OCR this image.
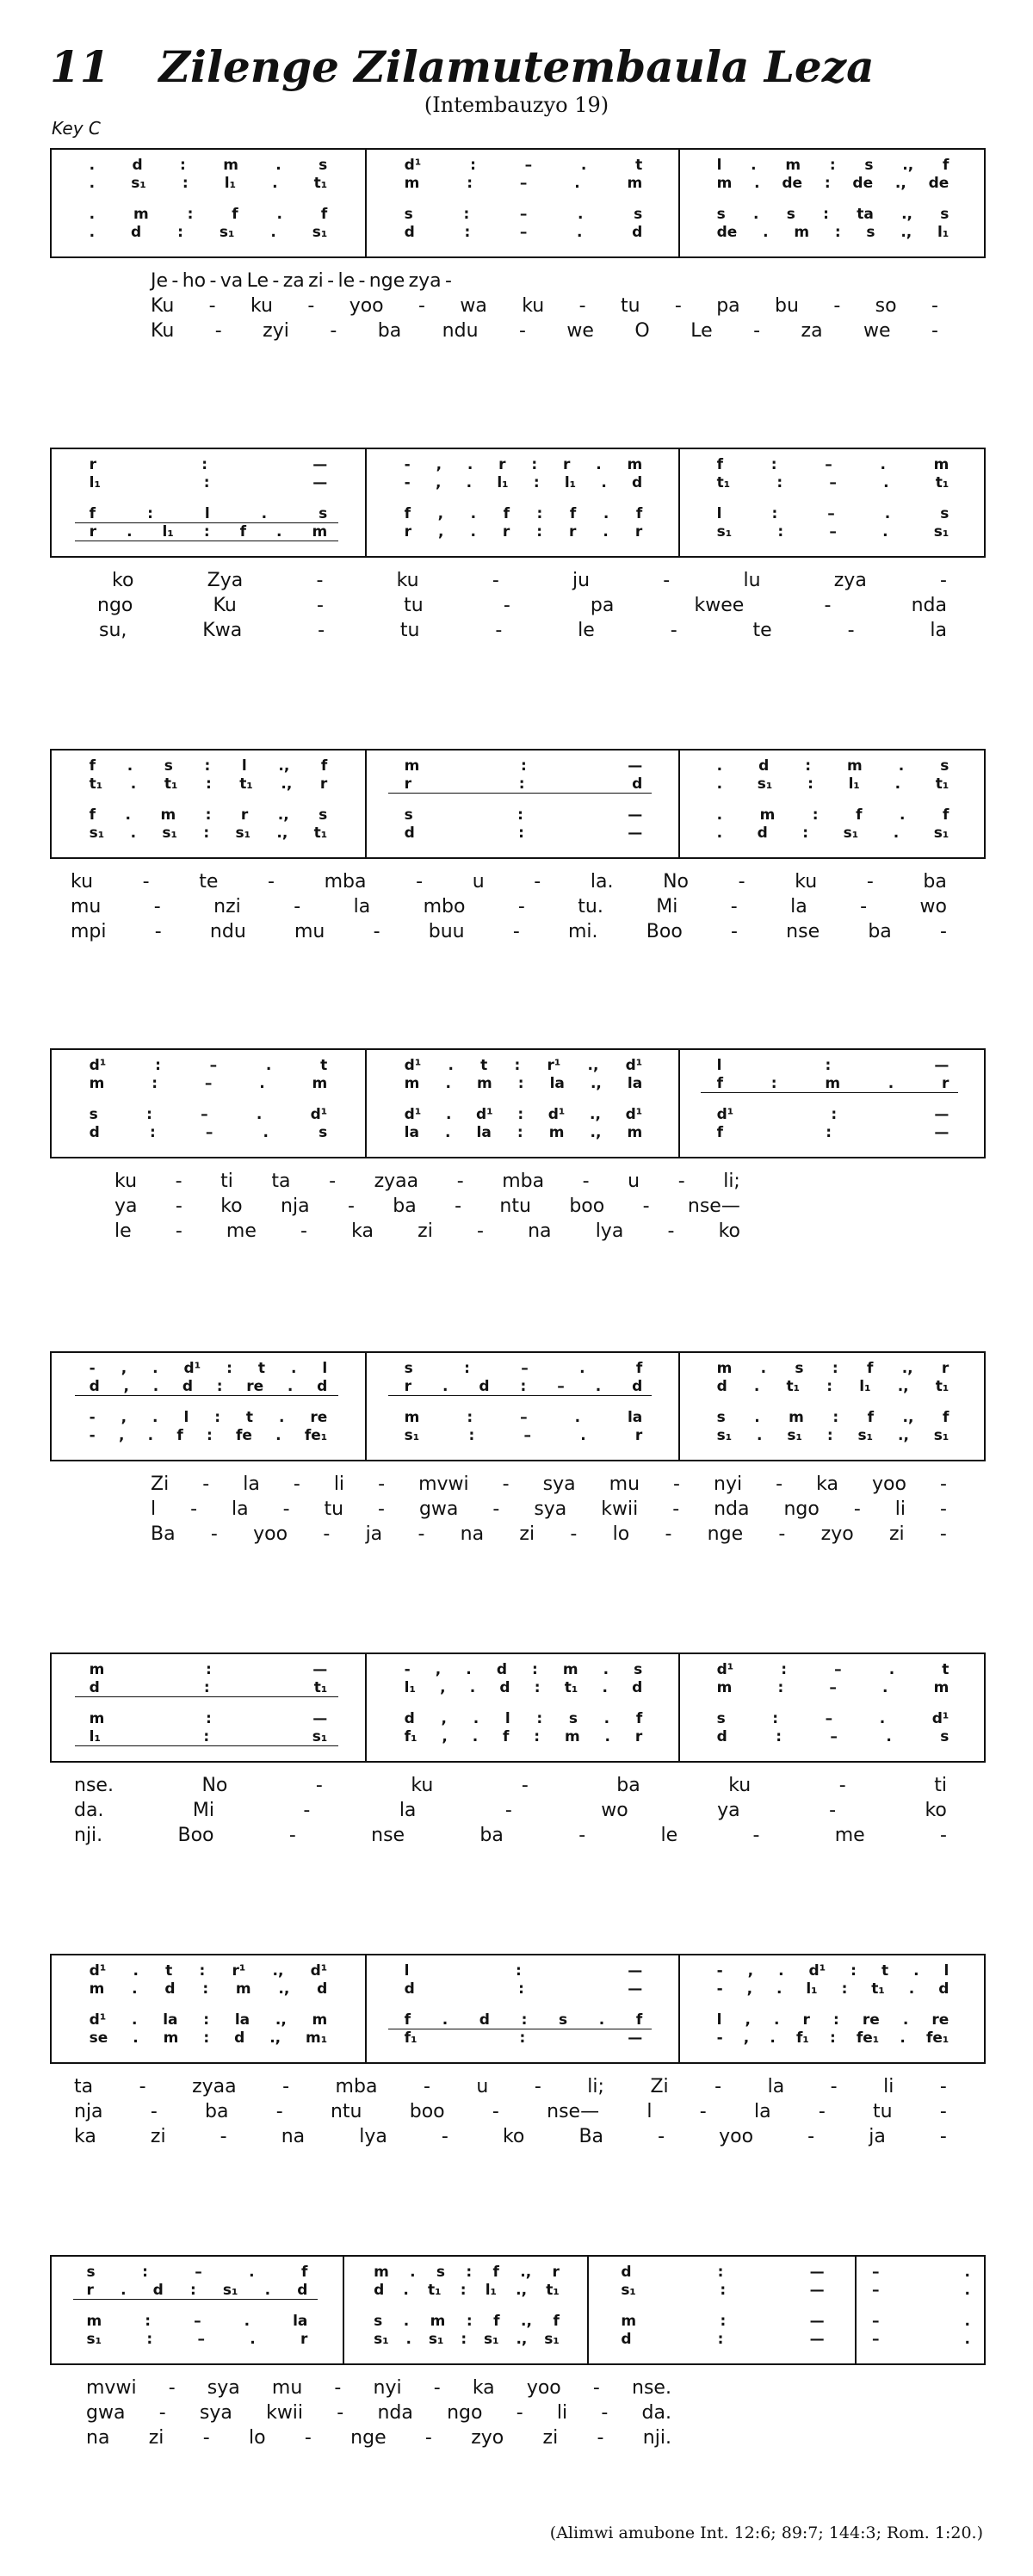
11	Zilenge Zilamutembaula Leza
(Intembauzyo 19)
Key C
.	d	:	m	.	s
. s₁ : l₁ . t₁
.	m	:	f	.	f
. d : s₁ . s₁
d¹	:	–	.	t
m	:	–	.	m
s	:	–	.	s
d	:	–	.	d
l . m : s ., f
m . de : de ., de
s . s : ta ., s
de . m : s ., l₁
Je - ho - va Le - za zi - le - nge zya -
Ku - ku - yoo - wa ku - tu - pa bu - so -
Ku - zyi - ba ndu - we O Le - za we -
r	:	—
l₁	:	—
f	:	l	.	s
r . l₁ : f . m
- , . r : r . m
- , . l₁ : l₁ . d
f , . f : f . f
r , . r : r . r
f	:	–	.	m
t₁	:	–	.	t₁
l	:	–	.	s
s₁	:	–	.	s₁
ko	Zya	-	ku	-	ju	-	lu	zya	-
ngo	Ku	-	tu	-	pa	kwee	-	nda
su,	Kwa	-	tu	-	le	-	te	-	la
f . s : l ., f
t₁ . t₁ : t₁ ., r
f . m : r ., s
s₁ . s₁ : s₁ ., t₁
m	:	—
r	:	d
s	:	—
d	:	—
. d : m . s
. s₁ : l₁ . t₁
.	m	:	f	.	f
. d : s₁ . s₁
ku	-	te	-	mba	-	u	-	la.	No	-	ku	-	ba
mu	-	nzi	-	la	mbo	-	tu.	Mi	-	la	-	wo
mpi	-	ndu	mu	-	buu	-	mi.	Boo	-	nse	ba	-
d¹	:	–	.	t
m	:	–	.	m
s	:	–	.	d¹
d	:	–	.	s
d¹ . t : r¹ ., d¹
m . m : la ., la
d¹ . d¹ : d¹ ., d¹
la . la : m ., m
l	:	—
f	:	m	.	r
d¹	:	—
f	:	—
ku - ti ta - zyaa - mba - u - li;
ya - ko nja - ba - ntu boo - nse—
le - me - ka zi - na lya - ko
- , . d¹ : t . l
d , . d : re . d
- , . l : t . re
- , . f : fe . fe₁
s	:	–	.	f
r . d : – . d
m	:	–	.	la
s₁	:	–	.	r
m . s : f ., r
d . t₁ : l₁ ., t₁
s . m : f ., f
s₁ . s₁ : s₁ ., s₁
Zi - la - li - mvwi - sya mu - nyi - ka yoo -
l - la - tu - gwa - sya kwii - nda ngo - li -
Ba - yoo - ja - na zi - lo - nge - zyo zi -
m	:	—
d	:	t₁
m	:	—
l₁	:	s₁
- , . d : m . s
l₁ , . d : t₁ . d
d , . l : s . f
f₁ , . f : m . r
d¹	:	–	.	t
m	:	–	.	m
s	:	–	.	d¹
d	:	–	.	s
nse.	No	-	ku	-	ba	ku	-	ti
da.	Mi	-	la	-	wo	ya	-	ko
nji.	Boo	-	nse	ba	-	le	-	me	-
d¹ . t : r¹ ., d¹
m . d : m ., d
d¹ . la : la ., m
se . m : d ., m₁
l	:	—
d	:	—
f . d : s . f
f₁	:	—
- , . d¹ : t . l
- , . l₁ : t₁ . d
l , . r : re . re
- , . f₁ : fe₁ . fe₁
ta - zyaa - mba - u - li; Zi - la - li -
nja	-	ba	-	ntu	boo	-	nse—	l	-	la	-	tu	-
ka	zi	-	na	lya	-	ko	Ba	-	yoo	-	ja	-
s	:	–	.	f
r . d : s₁ . d
m	:	–	.	la
s₁	:	–	.	r
m . s : f ., r
d . t₁ : l₁ ., t₁
s . m : f ., f
s₁ . s₁ : s₁ ., s₁
d	:	—
s₁	:	—
m	:	—
d	:	—
–	.
–	.
–	.
–	.
mvwi - sya mu - nyi - ka yoo - nse.
gwa - sya kwii - nda ngo - li - da.
na zi - lo - nge - zyo zi - nji.
(Alimwi amubone Int. 12:6; 89:7; 144:3; Rom. 1:20.)
